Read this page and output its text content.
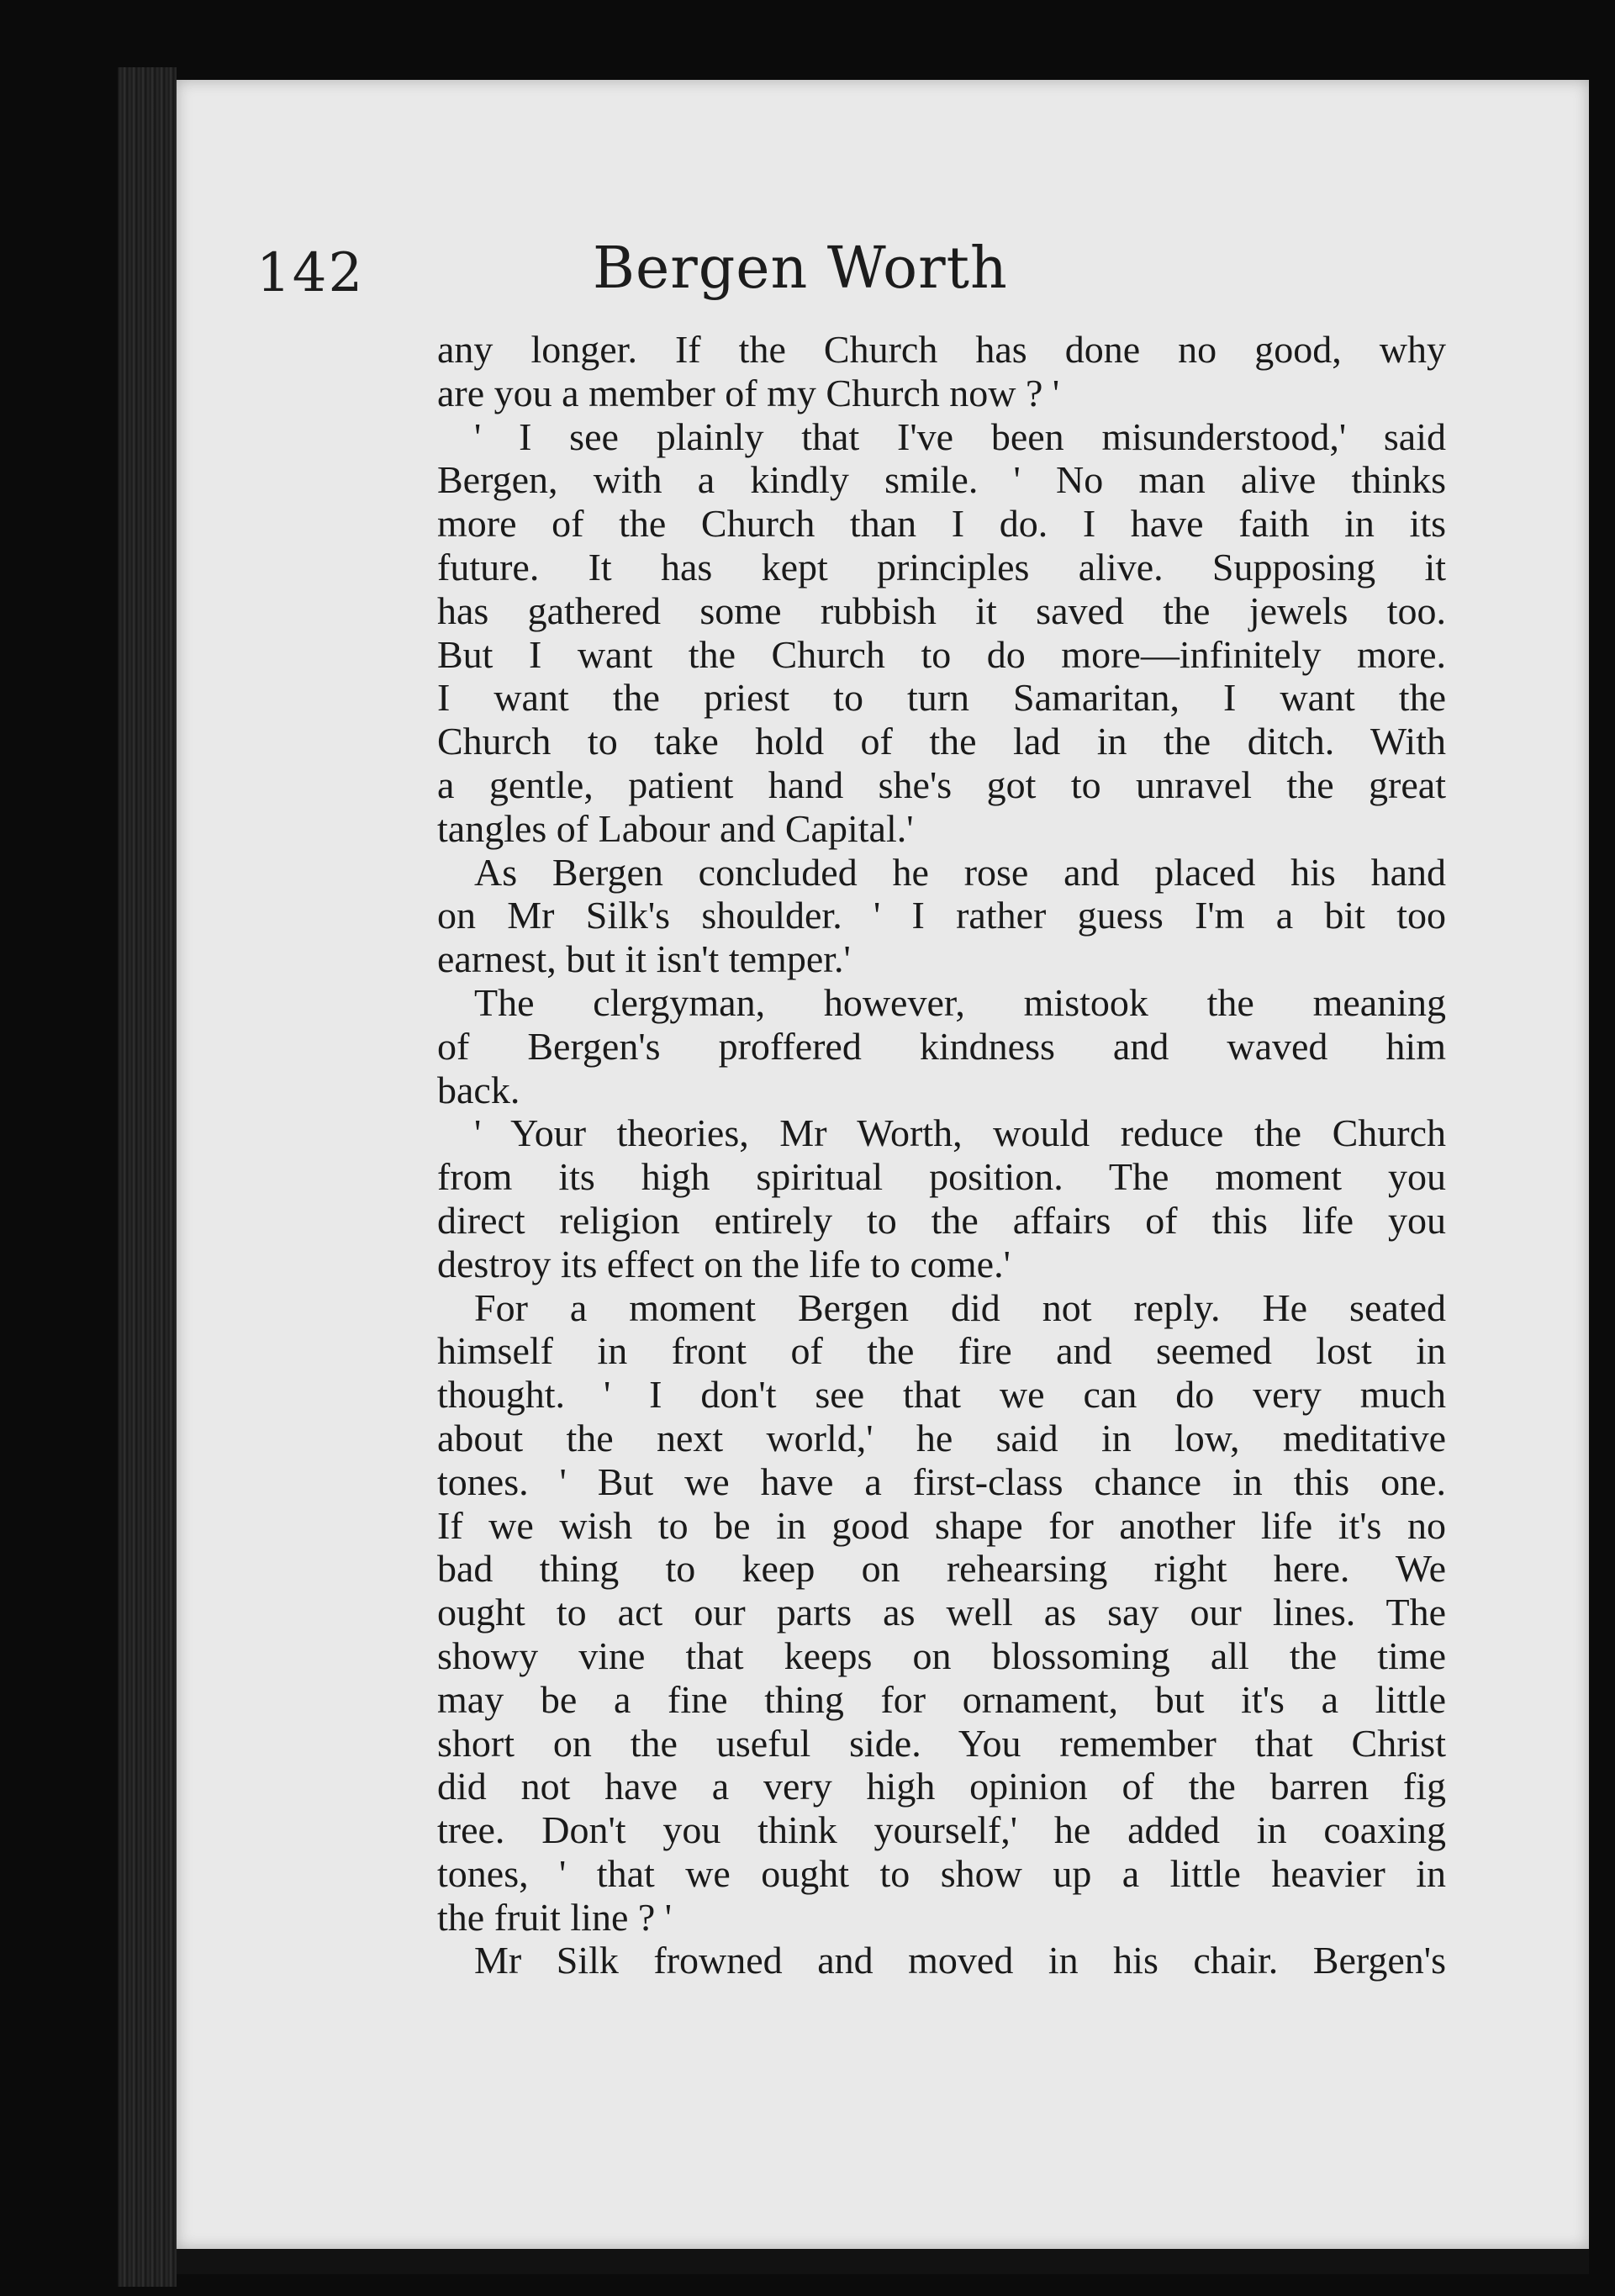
142	Bergen Worth
any longer. If the Church has done no good, why
are you a member of my Church now ? '
' I see plainly that I've been misunderstood,' said
Bergen, with a kindly smile. ' No man alive thinks
more of the Church than I do. I have faith in its
future. It has kept principles alive. Supposing it
has gathered some rubbish it saved the jewels too.
But I want the Church to do more—infinitely more.
I want the priest to turn Samaritan, I want the
Church to take hold of the lad in the ditch. With
a gentle, patient hand she's got to unravel the great
tangles of Labour and Capital.'
As Bergen concluded he rose and placed his hand
on Mr Silk's shoulder. ' I rather guess I'm a bit too
earnest, but it isn't temper.'
The clergyman, however, mistook the meaning
of Bergen's proffered kindness and waved him
back.
' Your theories, Mr Worth, would reduce the Church
from its high spiritual position. The moment you
direct religion entirely to the affairs of this life you
destroy its effect on the life to come.'
For a moment Bergen did not reply. He seated
himself in front of the fire and seemed lost in
thought. ' I don't see that we can do very much
about the next world,' he said in low, meditative
tones. ' But we have a first-class chance in this one.
If we wish to be in good shape for another life it's no
bad thing to keep on rehearsing right here. We
ought to act our parts as well as say our lines. The
showy vine that keeps on blossoming all the time
may be a fine thing for ornament, but it's a little
short on the useful side. You remember that Christ
did not have a very high opinion of the barren fig
tree. Don't you think yourself,' he added in coaxing
tones, ' that we ought to show up a little heavier in
the fruit line ? '
Mr Silk frowned and moved in his chair. Bergen's
